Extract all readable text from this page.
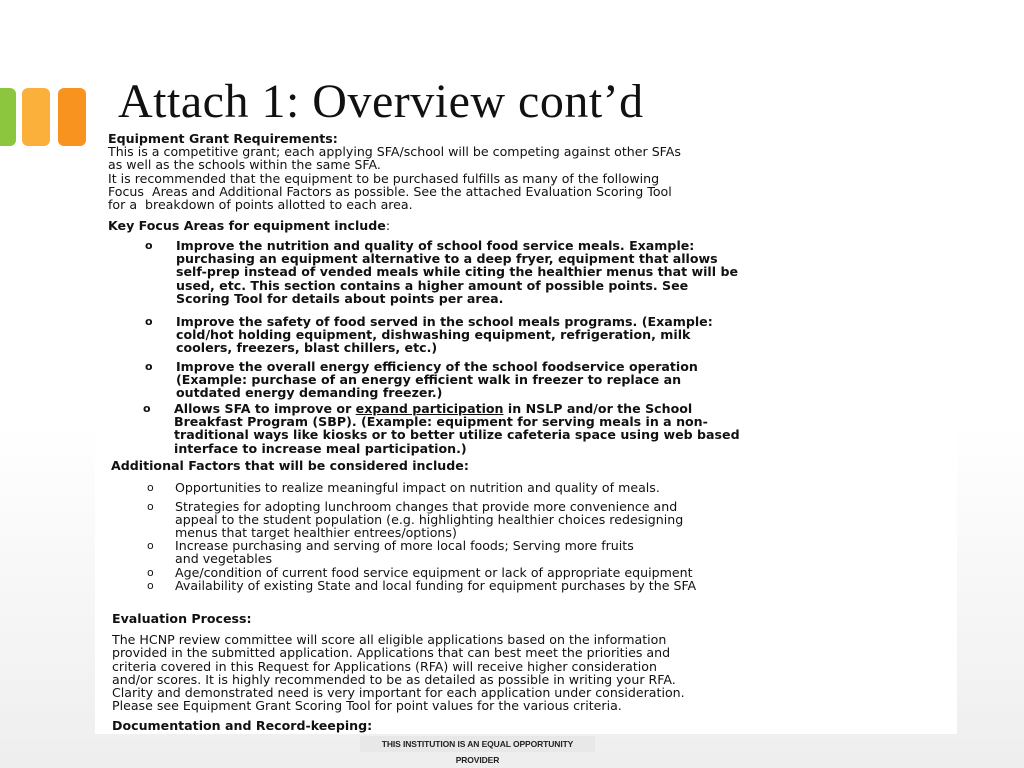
Attach 1: Overview cont’d

Equipment Grant Requirements:

This is a competitive grant; each applying SFA/school will be competing against other SFAs

as well as the schools within the same SFA.

It is recommended that the equipment to be purchased fulfills as many of the following

Focus  Areas and Additional Factors as possible. See the attached Evaluation Scoring Tool

for a  breakdown of points allotted to each area.

Key Focus Areas for equipment include:

o	Improve the nutrition and quality of school food service meals. Example:
purchasing an equipment alternative to a deep fryer, equipment that allows
self-prep instead of vended meals while citing the healthier menus that will be
used, etc. This section contains a higher amount of possible points. See
Scoring Tool for details about points per area.
o	Improve the safety of food served in the school meals programs. (Example:
cold/hot holding equipment, dishwashing equipment, refrigeration, milk
coolers, freezers, blast chillers, etc.)
o	Improve the overall energy efficiency of the school foodservice operation
(Example: purchase of an energy efficient walk in freezer to replace an
outdated energy demanding freezer.)
o	Allows SFA to improve or expand participation in NSLP and/or the School
Breakfast Program (SBP). (Example: equipment for serving meals in a non-
traditional ways like kiosks or to better utilize cafeteria space using web based
interface to increase meal participation.)

Additional Factors that will be considered include:

o	Opportunities to realize meaningful impact on nutrition and quality of meals.
o	Strategies for adopting lunchroom changes that provide more convenience and
appeal to the student population (e.g. highlighting healthier choices redesigning
menus that target healthier entrees/options)
o	Increase purchasing and serving of more local foods; Serving more fruits
and vegetables
o	Age/condition of current food service equipment or lack of appropriate equipment
o	Availability of existing State and local funding for equipment purchases by the SFA

Evaluation Process:

The HCNP review committee will score all eligible applications based on the information

provided in the submitted application. Applications that can best meet the priorities and

criteria covered in this Request for Applications (RFA) will receive higher consideration

and/or scores. It is highly recommended to be as detailed as possible in writing your RFA.

Clarity and demonstrated need is very important for each application under consideration.

Please see Equipment Grant Scoring Tool for point values for the various criteria.

Documentation and Record-keeping:

THIS INSTITUTION IS AN EQUAL OPPORTUNITY PROVIDER
